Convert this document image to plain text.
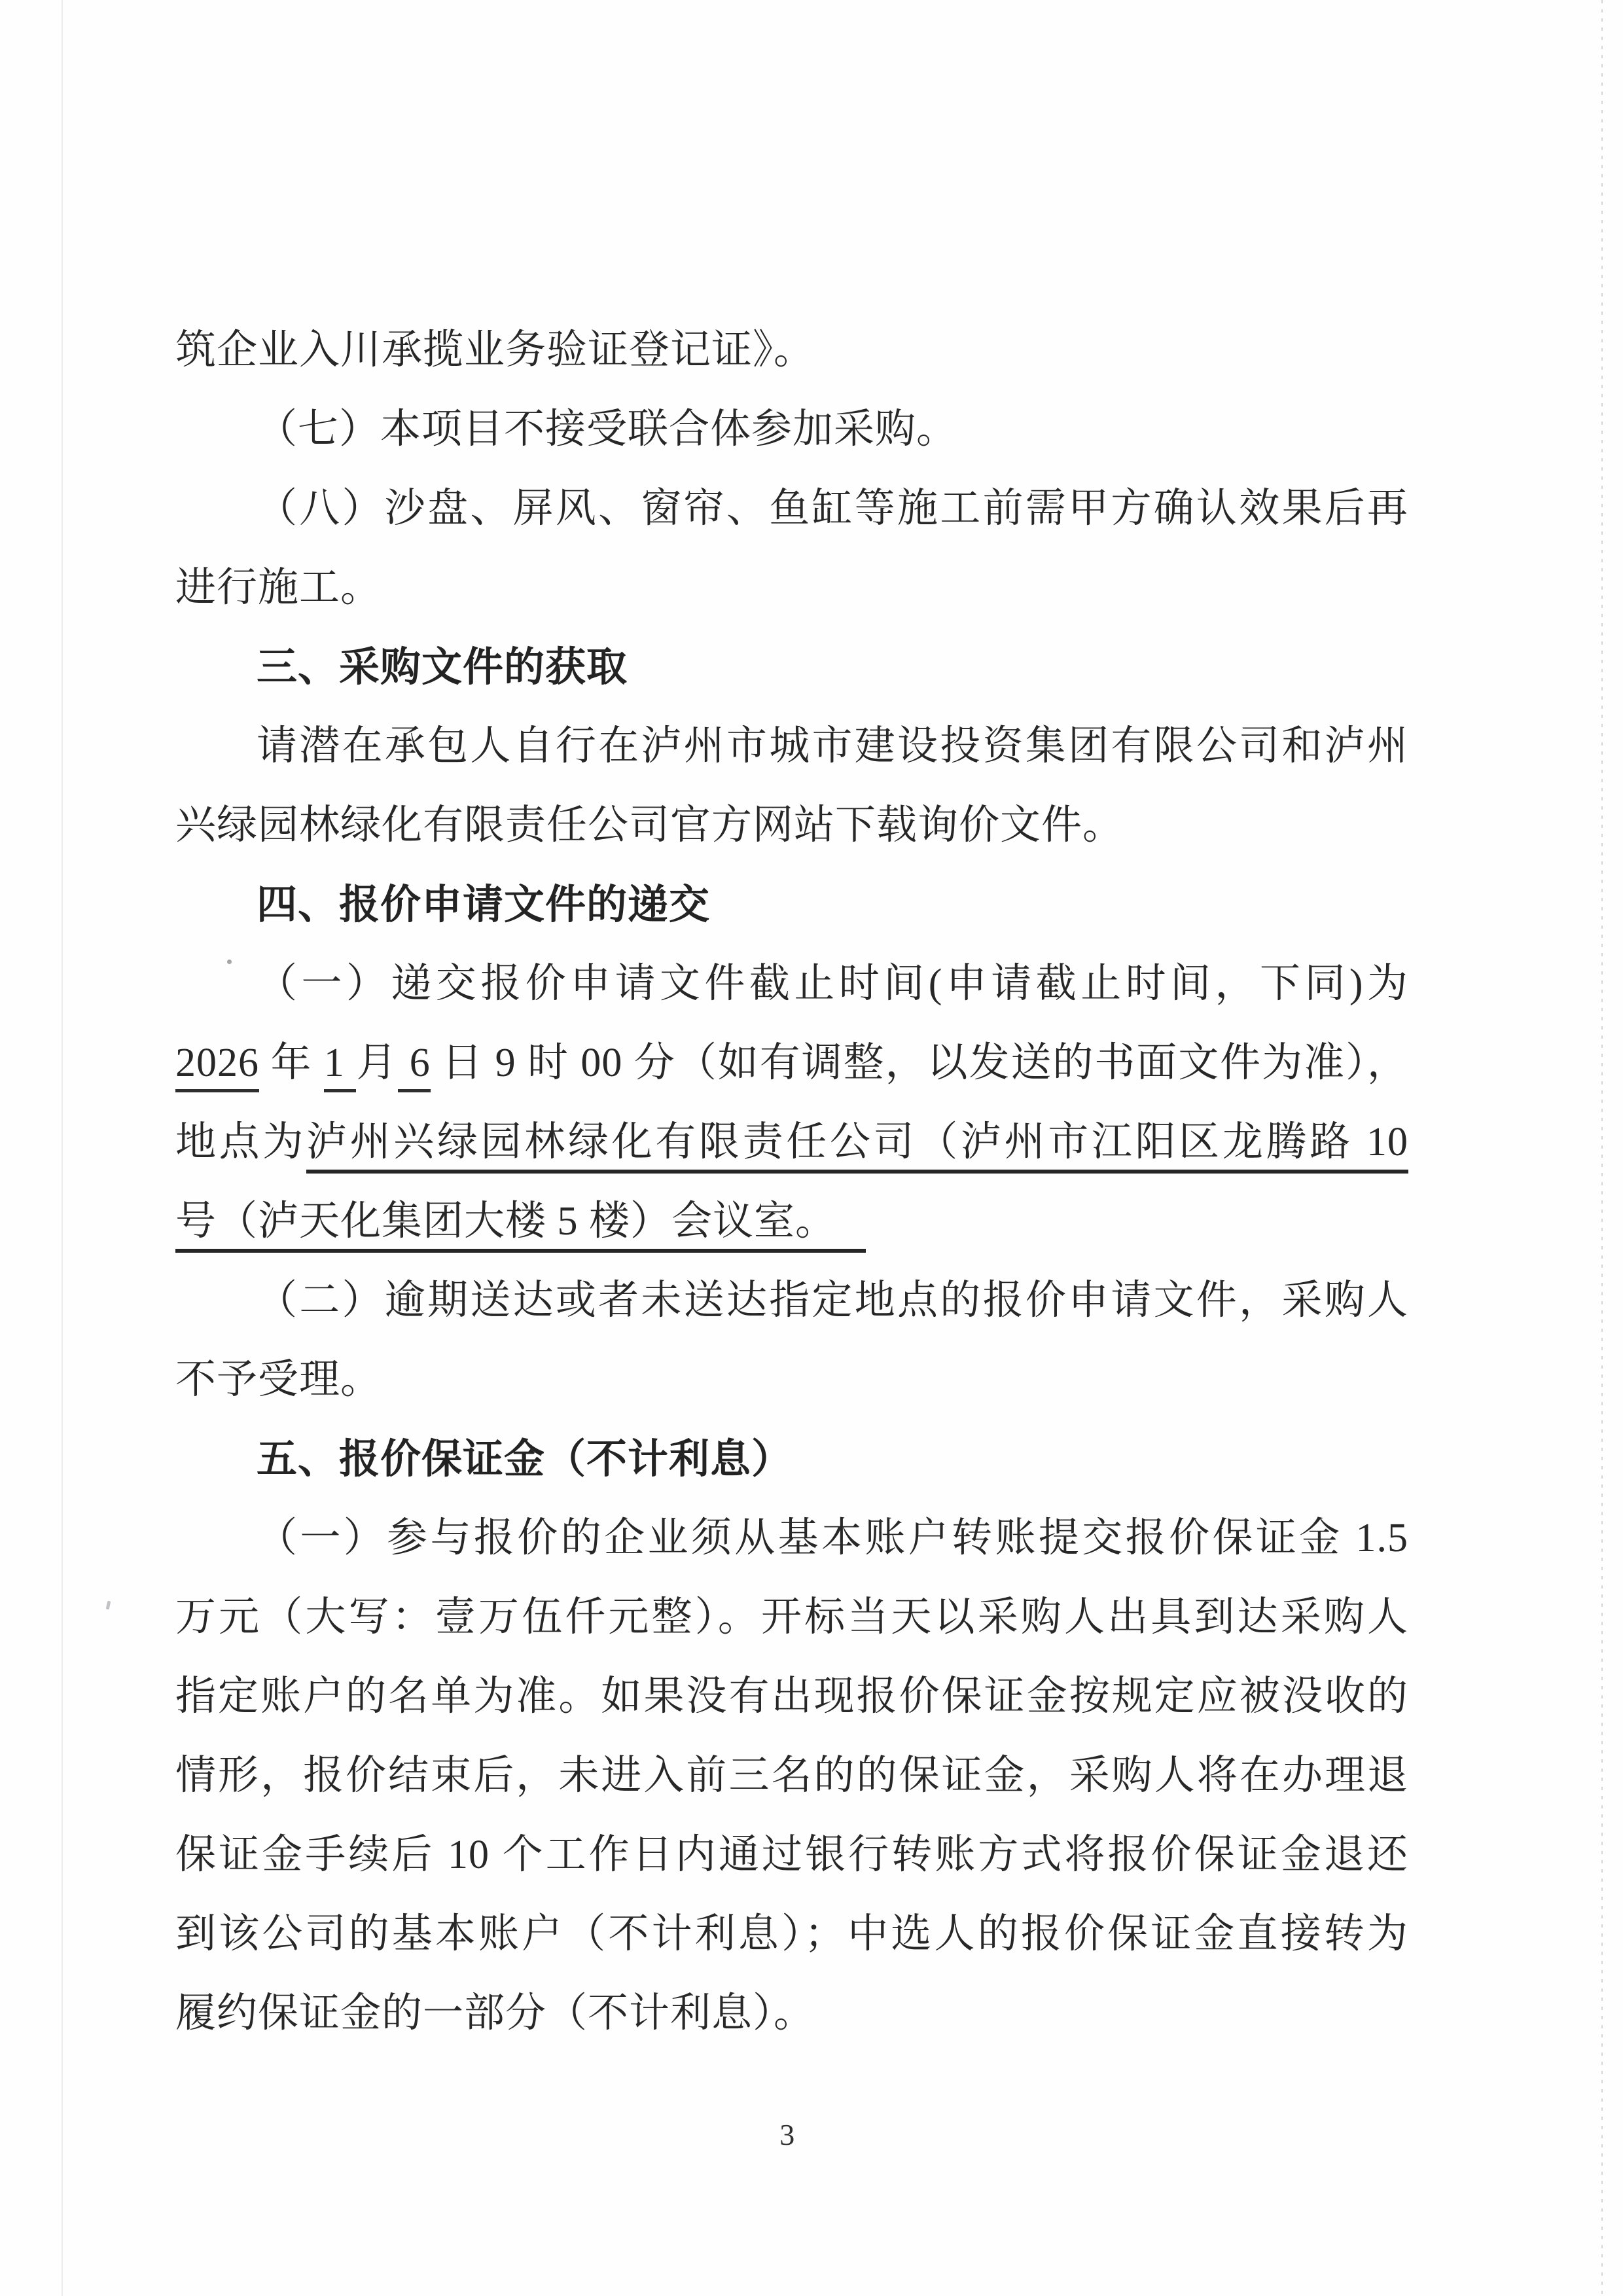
筑企业入川承揽业务验证登记证》。
（七）本项目不接受联合体参加采购。
（八）沙盘、屏风、窗帘、鱼缸等施工前需甲方确认效果后再
进行施工。
三、采购文件的获取
请潜在承包人自行在泸州市城市建设投资集团有限公司和泸州
兴绿园林绿化有限责任公司官方网站下载询价文件。
四、报价申请文件的递交
（一）递交报价申请文件截止时间(申请截止时间，下同)为
2026 年 1 月 6 日 9 时 00 分（如有调整，以发送的书面文件为准），
地点为泸州兴绿园林绿化有限责任公司（泸州市江阳区龙腾路 10
号（泸天化集团大楼 5 楼）会议室。
（二）逾期送达或者未送达指定地点的报价申请文件，采购人
不予受理。
五、报价保证金（不计利息）
（一）参与报价的企业须从基本账户转账提交报价保证金 1.5
万元（大写：壹万伍仟元整）。开标当天以采购人出具到达采购人
指定账户的名单为准。如果没有出现报价保证金按规定应被没收的
情形，报价结束后，未进入前三名的的保证金，采购人将在办理退
保证金手续后 10 个工作日内通过银行转账方式将报价保证金退还
到该公司的基本账户（不计利息）；中选人的报价保证金直接转为
履约保证金的一部分（不计利息）。
3
